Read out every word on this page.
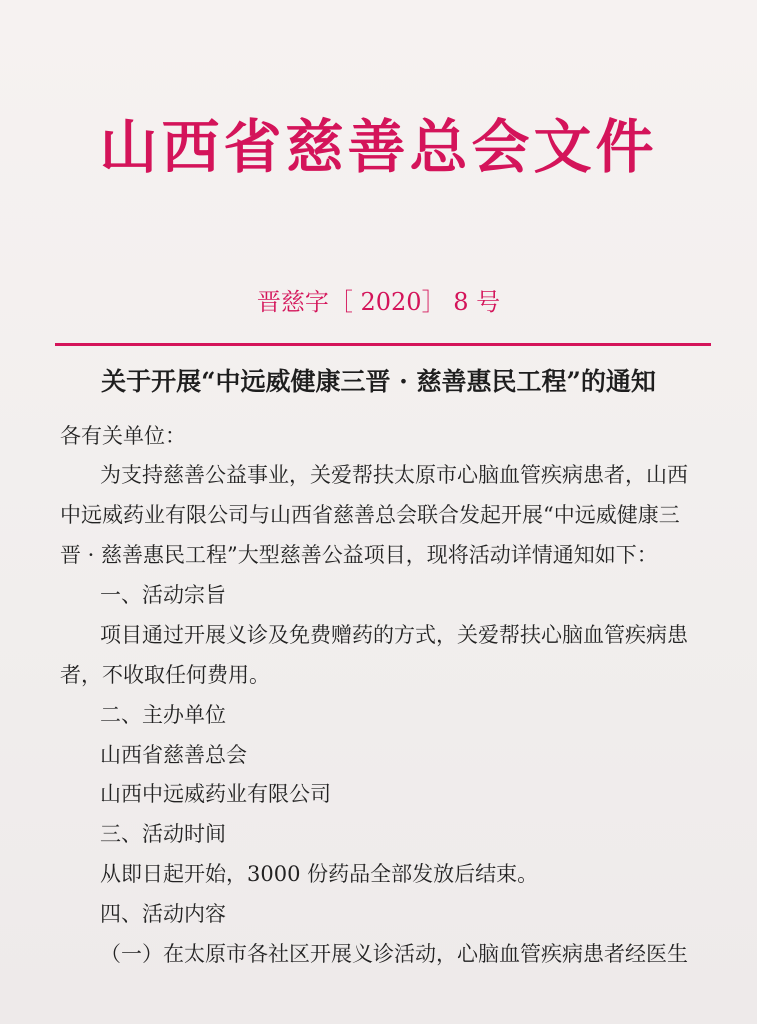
山西省慈善总会文件
晋慈字［ 2020］ 8 号
关于开展“中远威健康三晋 · 慈善惠民工程”的通知
各有关单位：
为支持慈善公益事业，关爱帮扶太原市心脑血管疾病患者，山西
中远威药业有限公司与山西省慈善总会联合发起开展“中远威健康三
晋 · 慈善惠民工程”大型慈善公益项目，现将活动详情通知如下：
一、活动宗旨
项目通过开展义诊及免费赠药的方式，关爱帮扶心脑血管疾病患
者，不收取任何费用。
二、主办单位
山西省慈善总会
山西中远威药业有限公司
三、活动时间
从即日起开始，3000 份药品全部发放后结束。
四、活动内容
（一）在太原市各社区开展义诊活动，心脑血管疾病患者经医生
